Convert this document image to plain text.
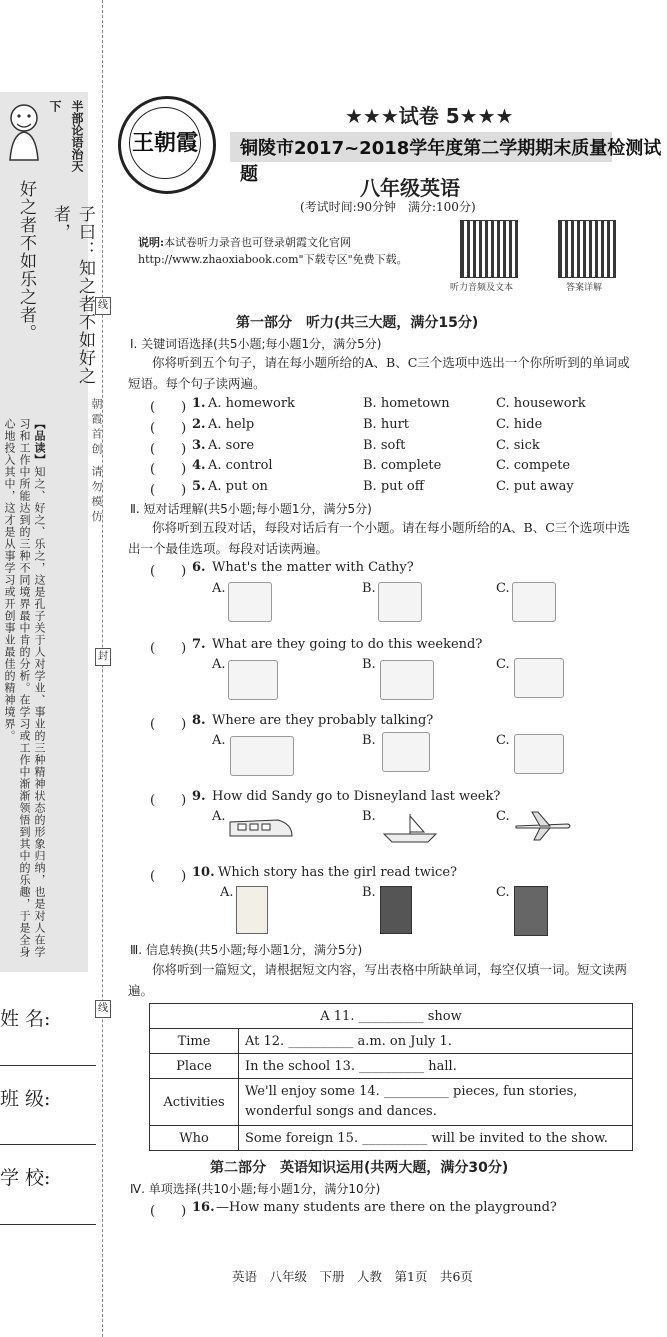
半部论语治天下
子曰：知之者不如好之者，
好之者不如乐之者。
【品读】知之、好之、乐之，这是孔子关于人对学业、事业的三种精神状态的形象归纳，也是对人在学习和工作中所能达到的三种不同境界最中肯的分析。在学习或工作中渐渐领悟到其中的乐趣，于是全身心地投入其中，这才是从事学习或开创事业最佳的精神境界。	朝霞首创 请勿模仿
线
封
线
姓 名:
班 级:
学 校:
王朝霞
★★★试卷 5★★★
铜陵市2017~2018学年度第二学期期末质量检测试题
八年级英语
(考试时间:90分钟　满分:100分)
说明:本试卷听力录音也可登录朝霞文化官网 http://www.zhaoxiabook.com"下载专区"免费下载。
听力音频及文本	答案详解
第一部分　听力(共三大题，满分15分)
Ⅰ. 关键词语选择(共5小题;每小题1分，满分5分)
你将听到五个句子，请在每小题所给的A、B、C三个选项中选出一个你所听到的单词或短语。每个句子读两遍。
(　　) 1. A. homework	B. hometown	C. housework
(　　) 2. A. help	B. hurt	C. hide
(　　) 3. A. sore	B. soft	C. sick
(　　) 4. A. control	B. complete	C. compete
(　　) 5. A. put on	B. put off	C. put away
Ⅱ. 短对话理解(共5小题;每小题1分，满分5分)
你将听到五段对话，每段对话后有一个小题。请在每小题所给的A、B、C三个选项中选出一个最佳选项。每段对话读两遍。
(　　) 6. What's the matter with Cathy?
A.	B.	C.
(　　) 7. What are they going to do this weekend?
A.	B.	C.
(　　) 8. Where are they probably talking?
A.	B.	C.
(　　) 9. How did Sandy go to Disneyland last week?
A.	B.	C.
(　　) 10. Which story has the girl read twice?
A.	B.	C.
Ⅲ. 信息转换(共5小题;每小题1分，满分5分)
你将听到一篇短文，请根据短文内容，写出表格中所缺单词，每空仅填一词。短文读两遍。
A 11. __________ show	
Time	At 12. __________ a.m. on July 1.
Place	In the school 13. __________ hall.
Activities	We'll enjoy some 14. __________ pieces, fun stories, wonderful songs and dances.
Who	Some foreign 15. __________ will be invited to the show.
第二部分　英语知识运用(共两大题，满分30分)
Ⅳ. 单项选择(共10小题;每小题1分，满分10分)
(　　) 16. —How many students are there on the playground?
英语　八年级　下册　人教　第1页　共6页
